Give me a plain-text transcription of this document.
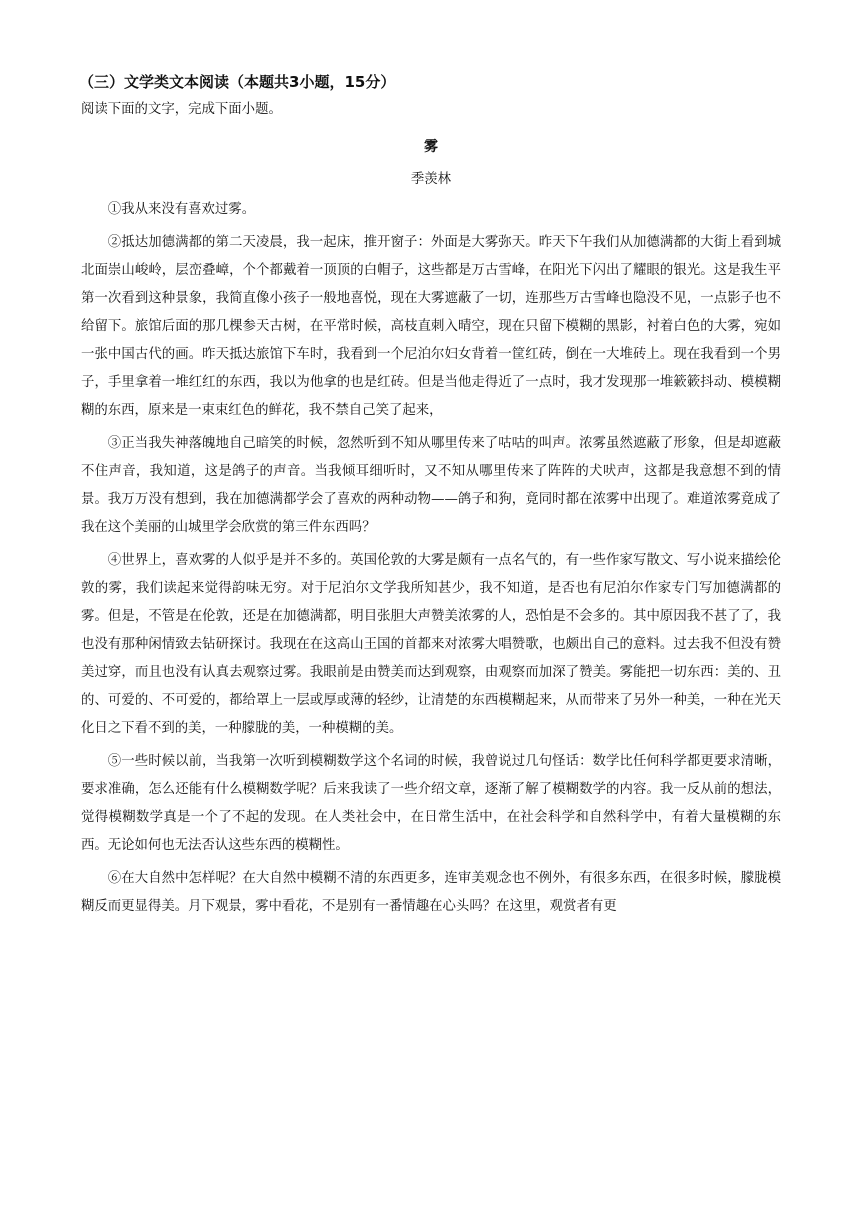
（三）文学类文本阅读（本题共3小题，15分）
阅读下面的文字，完成下面小题。
雾
季羡林

①我从来没有喜欢过雾。

②抵达加德满都的第二天凌晨，我一起床，推开窗子：外面是大雾弥天。昨天下午我们从加德满都的大街上看到城北面崇山峻岭，层峦叠嶂，个个都戴着一顶顶的白帽子，这些都是万古雪峰，在阳光下闪出了耀眼的银光。这是我生平第一次看到这种景象，我简直像小孩子一般地喜悦，现在大雾遮蔽了一切，连那些万古雪峰也隐没不见，一点影子也不给留下。旅馆后面的那几棵参天古树，在平常时候，高枝直刺入晴空，现在只留下模糊的黑影，衬着白色的大雾，宛如一张中国古代的画。昨天抵达旅馆下车时，我看到一个尼泊尔妇女背着一筐红砖，倒在一大堆砖上。现在我看到一个男子，手里拿着一堆红红的东西，我以为他拿的也是红砖。但是当他走得近了一点时，我才发现那一堆簌簌抖动、模模糊糊的东西，原来是一束束红色的鲜花，我不禁自己笑了起来，

③正当我失神落魄地自己暗笑的时候，忽然听到不知从哪里传来了咕咕的叫声。浓雾虽然遮蔽了形象，但是却遮蔽不住声音，我知道，这是鸽子的声音。当我倾耳细听时，又不知从哪里传来了阵阵的犬吠声，这都是我意想不到的情景。我万万没有想到，我在加德满都学会了喜欢的两种动物——鸽子和狗，竟同时都在浓雾中出现了。难道浓雾竟成了我在这个美丽的山城里学会欣赏的第三件东西吗？

④世界上，喜欢雾的人似乎是并不多的。英国伦敦的大雾是颇有一点名气的，有一些作家写散文、写小说来描绘伦敦的雾，我们读起来觉得韵味无穷。对于尼泊尔文学我所知甚少，我不知道，是否也有尼泊尔作家专门写加德满都的雾。但是，不管是在伦敦，还是在加德满都，明目张胆大声赞美浓雾的人，恐怕是不会多的。其中原因我不甚了了，我也没有那种闲情致去钻研探讨。我现在在这高山王国的首都来对浓雾大唱赞歌，也颇出自己的意料。过去我不但没有赞美过穿，而且也没有认真去观察过雾。我眼前是由赞美而达到观察，由观察而加深了赞美。雾能把一切东西：美的、丑的、可爱的、不可爱的，都给罩上一层或厚或薄的轻纱，让清楚的东西模糊起来，从而带来了另外一种美，一种在光天化日之下看不到的美，一种朦胧的美，一种模糊的美。

⑤一些时候以前，当我第一次听到模糊数学这个名词的时候，我曾说过几句怪话：数学比任何科学都更要求清晰，要求准确，怎么还能有什么模糊数学呢？后来我读了一些介绍文章，逐渐了解了模糊数学的内容。我一反从前的想法，觉得模糊数学真是一个了不起的发现。在人类社会中，在日常生活中，在社会科学和自然科学中，有着大量模糊的东西。无论如何也无法否认这些东西的模糊性。

⑥在大自然中怎样呢？在大自然中模糊不清的东西更多，连审美观念也不例外，有很多东西，在很多时候，朦胧模糊反而更显得美。月下观景，雾中看花，不是别有一番情趣在心头吗？在这里，观赏者有更
